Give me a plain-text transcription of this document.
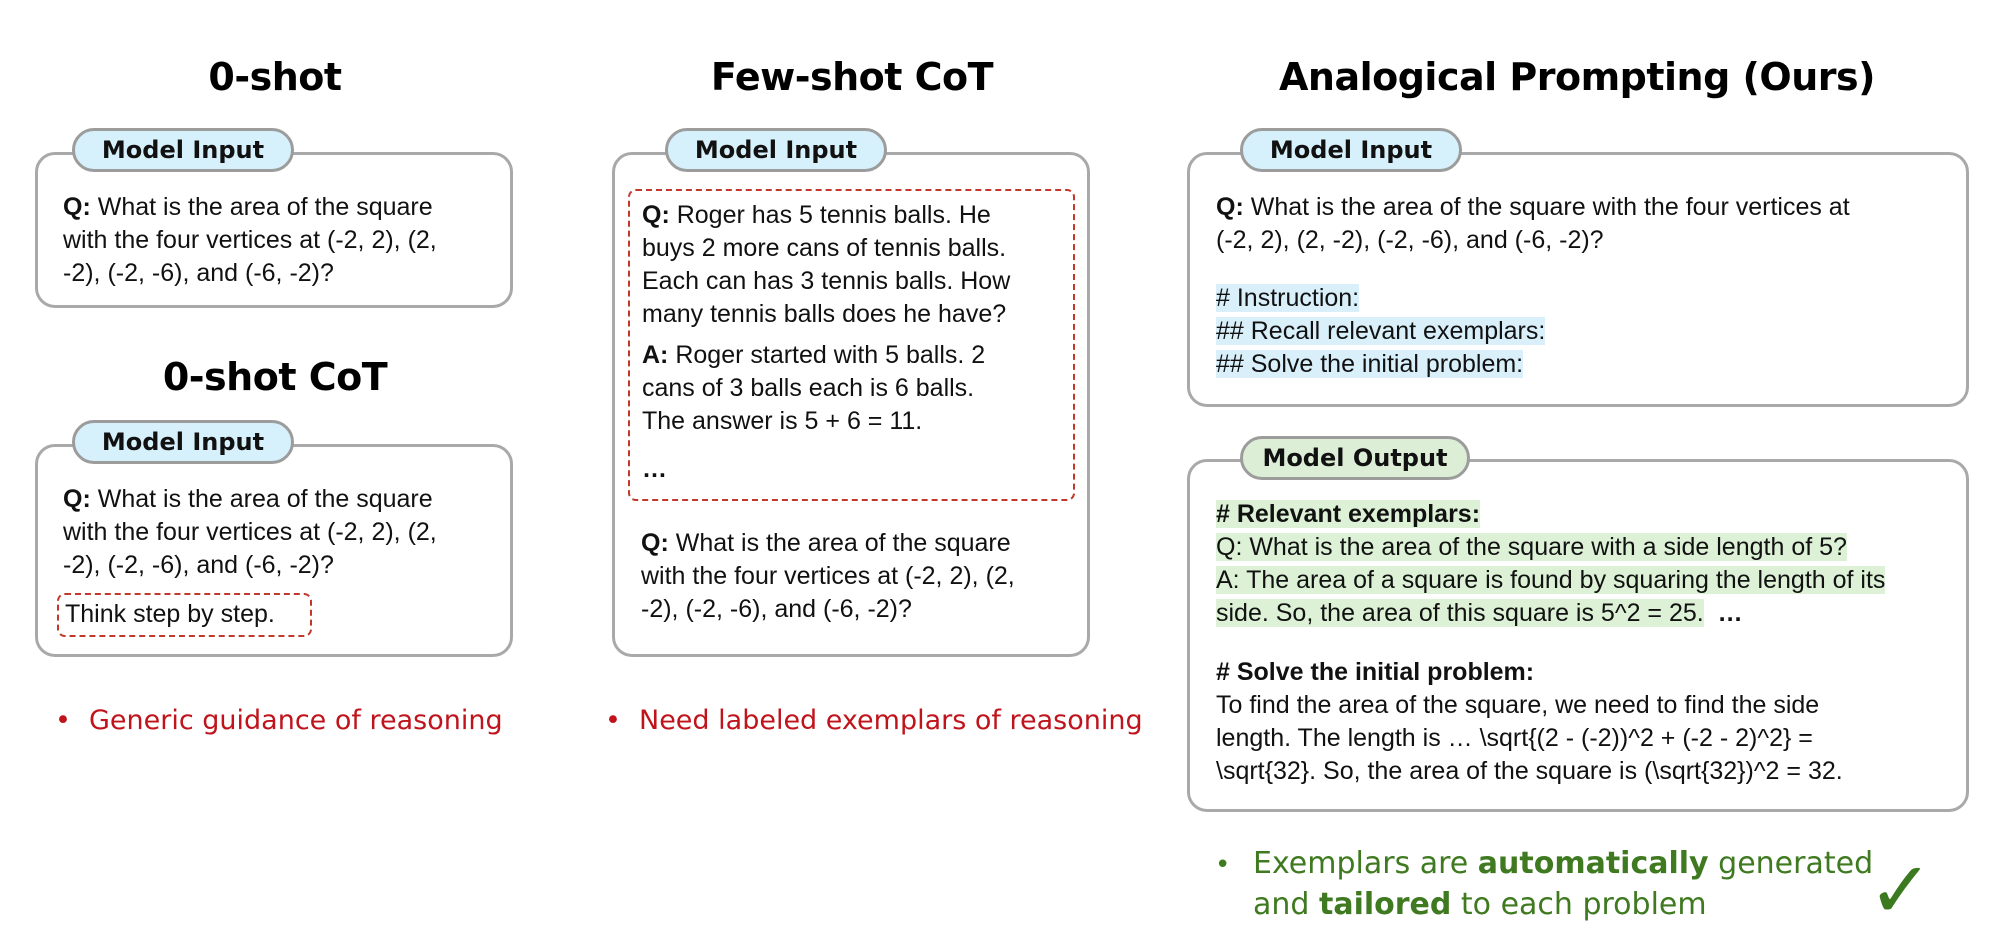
0-shot
Q: What is the area of the square
with the four vertices at (-2, 2), (2,
-2), (-2, -6), and (-6, -2)?
Model Input
0-shot CoT
Q: What is the area of the square
with the four vertices at (-2, 2), (2,
-2), (-2, -6), and (-6, -2)?
Think step by step.
Model Input
• Generic guidance of reasoning
Few-shot CoT
Q: Roger has 5 tennis balls. He
buys 2 more cans of tennis balls.
Each can has 3 tennis balls. How
many tennis balls does he have?
A: Roger started with 5 balls. 2
cans of 3 balls each is 6 balls.
The answer is 5 + 6 = 11.
…
Q: What is the area of the square
with the four vertices at (-2, 2), (2,
-2), (-2, -6), and (-6, -2)?
Model Input
• Need labeled exemplars of reasoning
Analogical Prompting (Ours)
Q: What is the area of the square with the four vertices at
(-2, 2), (2, -2), (-2, -6), and (-6, -2)?
# Instruction:
## Recall relevant exemplars:
## Solve the initial problem:
Model Input
# Relevant exemplars:
Q: What is the area of the square with a side length of 5?
A: The area of a square is found by squaring the length of its
side. So, the area of this square is 5^2 = 25. …
# Solve the initial problem:
To find the area of the square, we need to find the side
length. The length is … \sqrt{(2 - (-2))^2 + (-2 - 2)^2} =
\sqrt{32}. So, the area of the square is (\sqrt{32})^2 = 32.
Model Output
• Exemplars are automatically generated
and tailored to each problem	✓
